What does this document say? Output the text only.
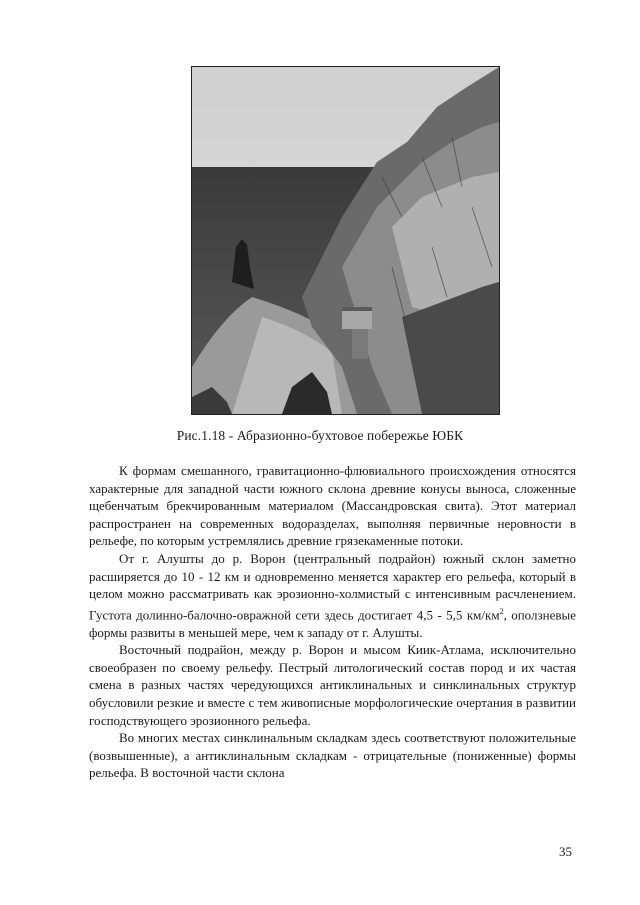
Рис.1.18 - Абразионно-бухтовое побережье ЮБК

К формам смешанного, гравитационно-флювиального происхождения относятся характерные для западной части южного склона древние конусы выноса, сложенные щебенчатым брекчированным материалом (Массандровская свита). Этот материал распространен на современных водоразделах, выполняя первичные неровности в рельефе, по которым устремлялись древние грязекаменные потоки.

От г. Алушты до р. Ворон (центральный подрайон) южный склон заметно расширяется до 10 - 12 км и одновременно меняется характер его рельефа, который в целом можно рассматривать как эрозионно-холмистый с интенсивным расчленением. Густота долинно-балочно-овражной сети здесь достигает 4,5 - 5,5 $км/км^2$, оползневые формы развиты в меньшей мере, чем к западу от г. Алушты.

Восточный подрайон, между р. Ворон и мысом Киик-Атлама, исключительно своеобразен по своему рельефу. Пестрый литологический состав пород и их частая смена в разных частях чередующихся антиклинальных и синклинальных структур обусловили резкие и вместе с тем живописные морфологические очертания в развитии господствующего эрозионного рельефа.

Во многих местах синклинальным складкам здесь соответствуют положительные (возвышенные), а антиклинальным складкам - отрицательные (пониженные) формы рельефа. В восточной части склона

35
